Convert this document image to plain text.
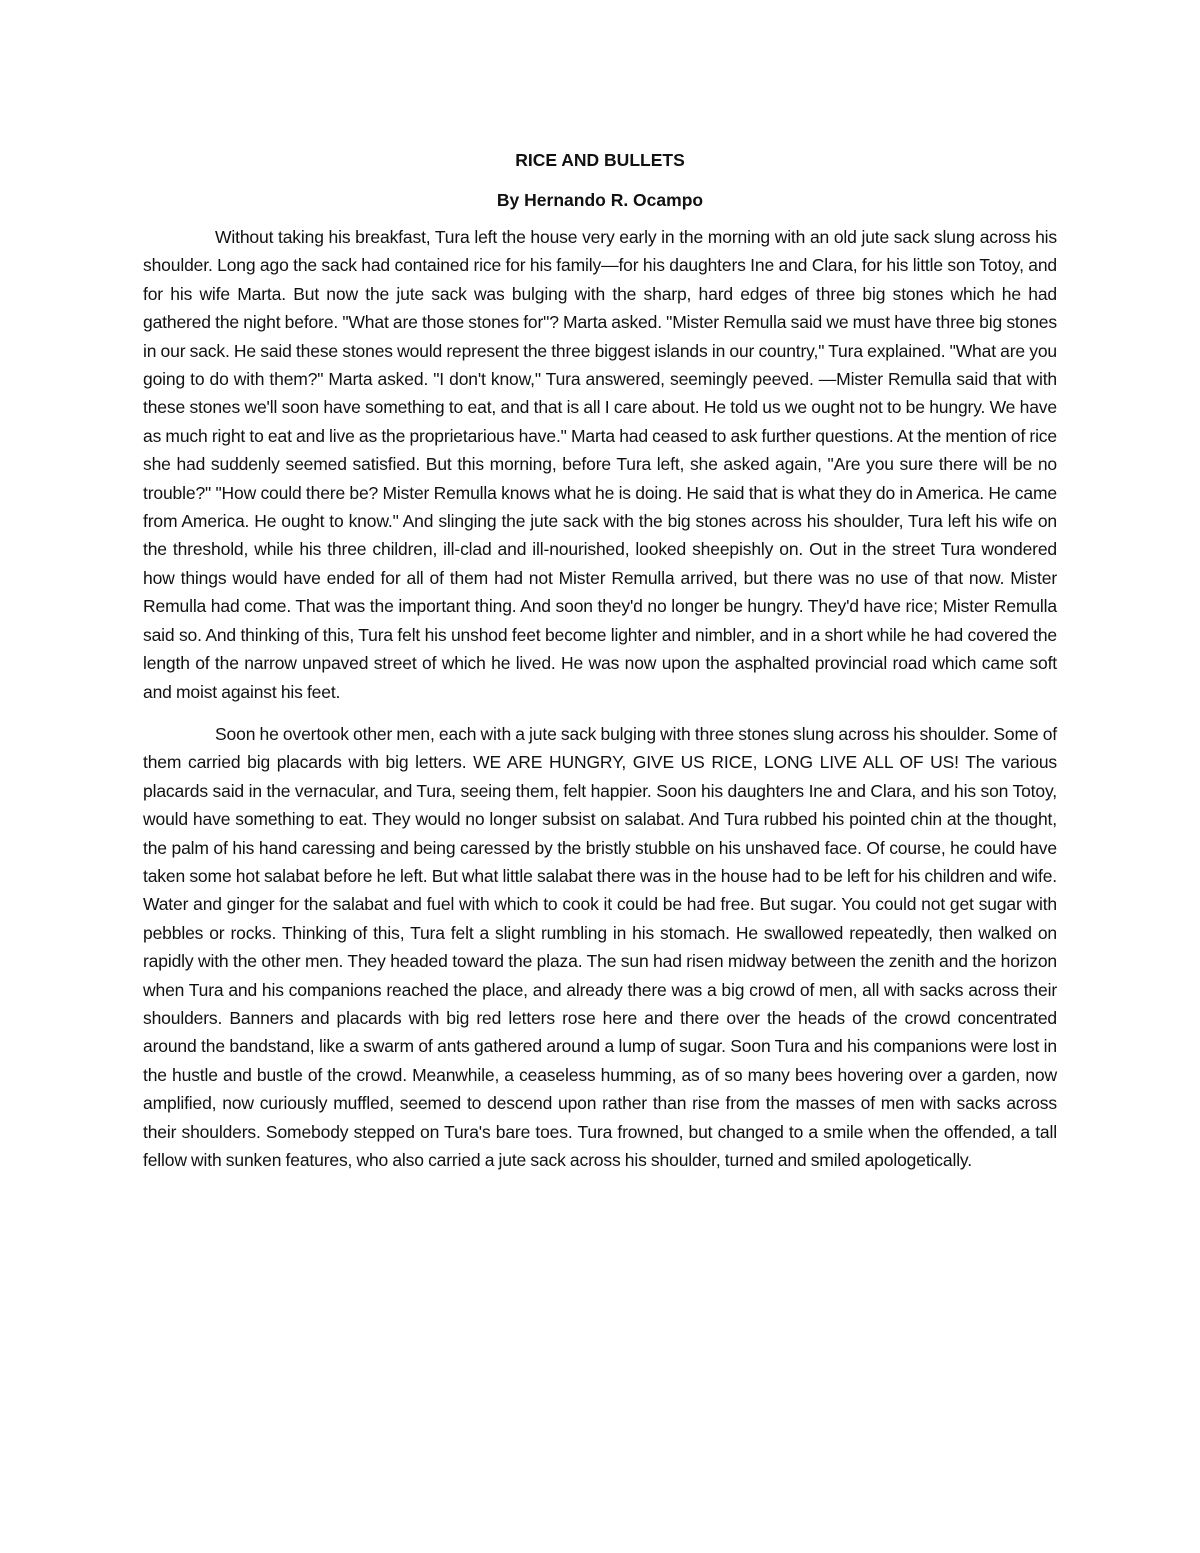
RICE AND BULLETS
By Hernando R. Ocampo

Without taking his breakfast, Tura left the house very early in the morning with an old jute sack slung across his shoulder. Long ago the sack had contained rice for his family—for his daughters Ine and Clara, for his little son Totoy, and for his wife Marta. But now the jute sack was bulging with the sharp, hard edges of three big stones which he had gathered the night before. "What are those stones for"? Marta asked. "Mister Remulla said we must have three big stones in our sack. He said these stones would represent the three biggest islands in our country," Tura explained. "What are you going to do with them?" Marta asked. "I don't know," Tura answered, seemingly peeved. —Mister Remulla said that with these stones we'll soon have something to eat, and that is all I care about. He told us we ought not to be hungry. We have as much right to eat and live as the proprietarious have." Marta had ceased to ask further questions. At the mention of rice she had suddenly seemed satisfied. But this morning, before Tura left, she asked again, "Are you sure there will be no trouble?" "How could there be? Mister Remulla knows what he is doing. He said that is what they do in America. He came from America. He ought to know." And slinging the jute sack with the big stones across his shoulder, Tura left his wife on the threshold, while his three children, ill-clad and ill-nourished, looked sheepishly on. Out in the street Tura wondered how things would have ended for all of them had not Mister Remulla arrived, but there was no use of that now. Mister Remulla had come. That was the important thing. And soon they'd no longer be hungry. They'd have rice; Mister Remulla said so. And thinking of this, Tura felt his unshod feet become lighter and nimbler, and in a short while he had covered the length of the narrow unpaved street of which he lived. He was now upon the asphalted provincial road which came soft and moist against his feet.

Soon he overtook other men, each with a jute sack bulging with three stones slung across his shoulder. Some of them carried big placards with big letters. WE ARE HUNGRY, GIVE US RICE, LONG LIVE ALL OF US! The various placards said in the vernacular, and Tura, seeing them, felt happier. Soon his daughters Ine and Clara, and his son Totoy, would have something to eat. They would no longer subsist on salabat. And Tura rubbed his pointed chin at the thought, the palm of his hand caressing and being caressed by the bristly stubble on his unshaved face. Of course, he could have taken some hot salabat before he left. But what little salabat there was in the house had to be left for his children and wife. Water and ginger for the salabat and fuel with which to cook it could be had free. But sugar. You could not get sugar with pebbles or rocks. Thinking of this, Tura felt a slight rumbling in his stomach. He swallowed repeatedly, then walked on rapidly with the other men. They headed toward the plaza. The sun had risen midway between the zenith and the horizon when Tura and his companions reached the place, and already there was a big crowd of men, all with sacks across their shoulders. Banners and placards with big red letters rose here and there over the heads of the crowd concentrated around the bandstand, like a swarm of ants gathered around a lump of sugar. Soon Tura and his companions were lost in the hustle and bustle of the crowd. Meanwhile, a ceaseless humming, as of so many bees hovering over a garden, now amplified, now curiously muffled, seemed to descend upon rather than rise from the masses of men with sacks across their shoulders. Somebody stepped on Tura's bare toes. Tura frowned, but changed to a smile when the offended, a tall fellow with sunken features, who also carried a jute sack across his shoulder, turned and smiled apologetically.
